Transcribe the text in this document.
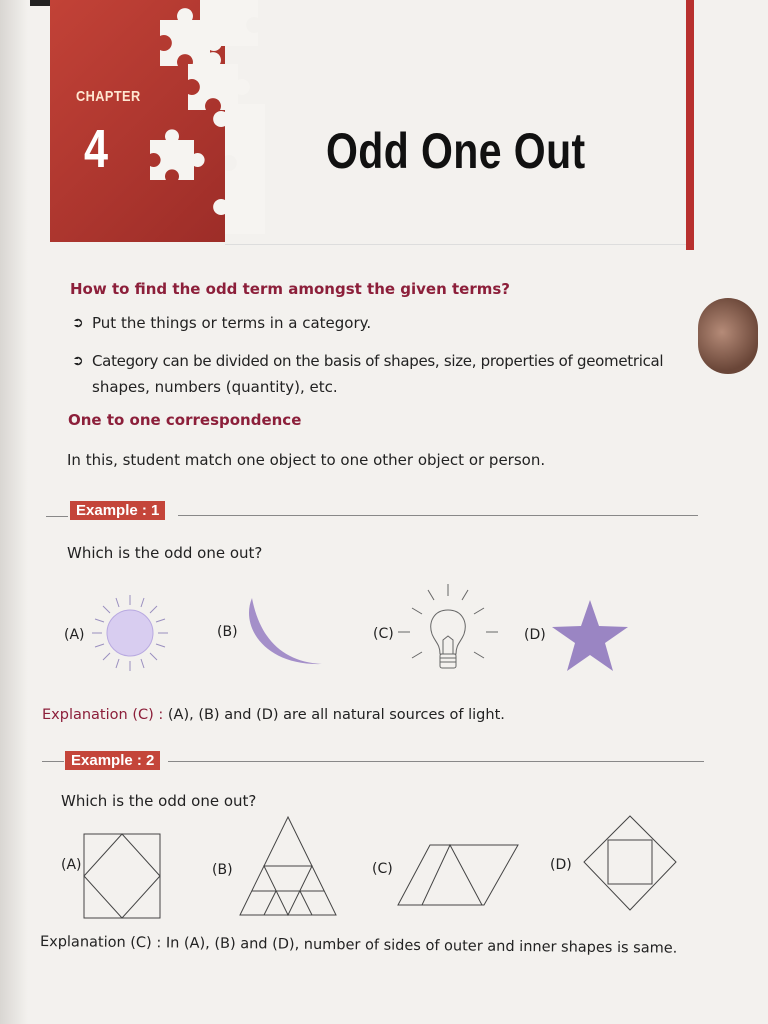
CHAPTER
4	Odd One Out
How to find the odd term amongst the given terms?
➲ Put the things or terms in a category.
➲ Category can be divided on the basis of shapes, size, properties of geometrical
shapes, numbers (quantity), etc.
One to one correspondence
In this, student match one object to one other object or person.
Example : 1
Which is the odd one out?
(A)	(B)	(C)	(D)
Explanation (C) : (A), (B) and (D) are all natural sources of light.
Example : 2
Which is the odd one out?
(A)	(B)	(C)	(D)
Explanation (C) : In (A), (B) and (D), number of sides of outer and inner shapes is same.
